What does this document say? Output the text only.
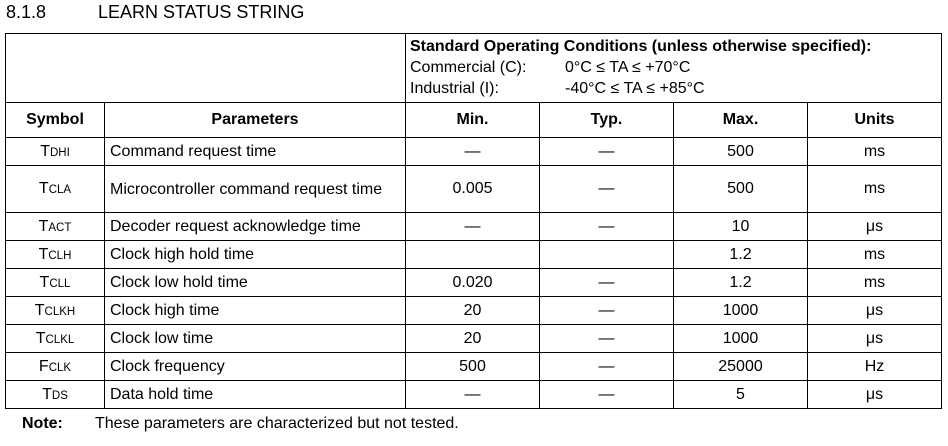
8.1.8	LEARN STATUS STRING

		Standard Operating Conditions (unless otherwise specified):
Commercial (C): 0°C ≤ TA ≤ +70°C
Industrial (I): -40°C ≤ TA ≤ +85°C			

Symbol	Parameters	Min.	Typ.	Max.	Units
TDHI	Command request time	—	—	500	ms
TCLA	Microcontroller command request time	0.005	—	500	ms
TACT	Decoder request acknowledge time	—	—	10	μs
TCLH	Clock high hold time			1.2	ms
TCLL	Clock low hold time	0.020	—	1.2	ms
TCLKH	Clock high time	20	—	1000	μs
TCLKL	Clock low time	20	—	1000	μs
FCLK	Clock frequency	500	—	25000	Hz
TDS	Data hold time	—	—	5	μs
Note: These parameters are characterized but not tested.
